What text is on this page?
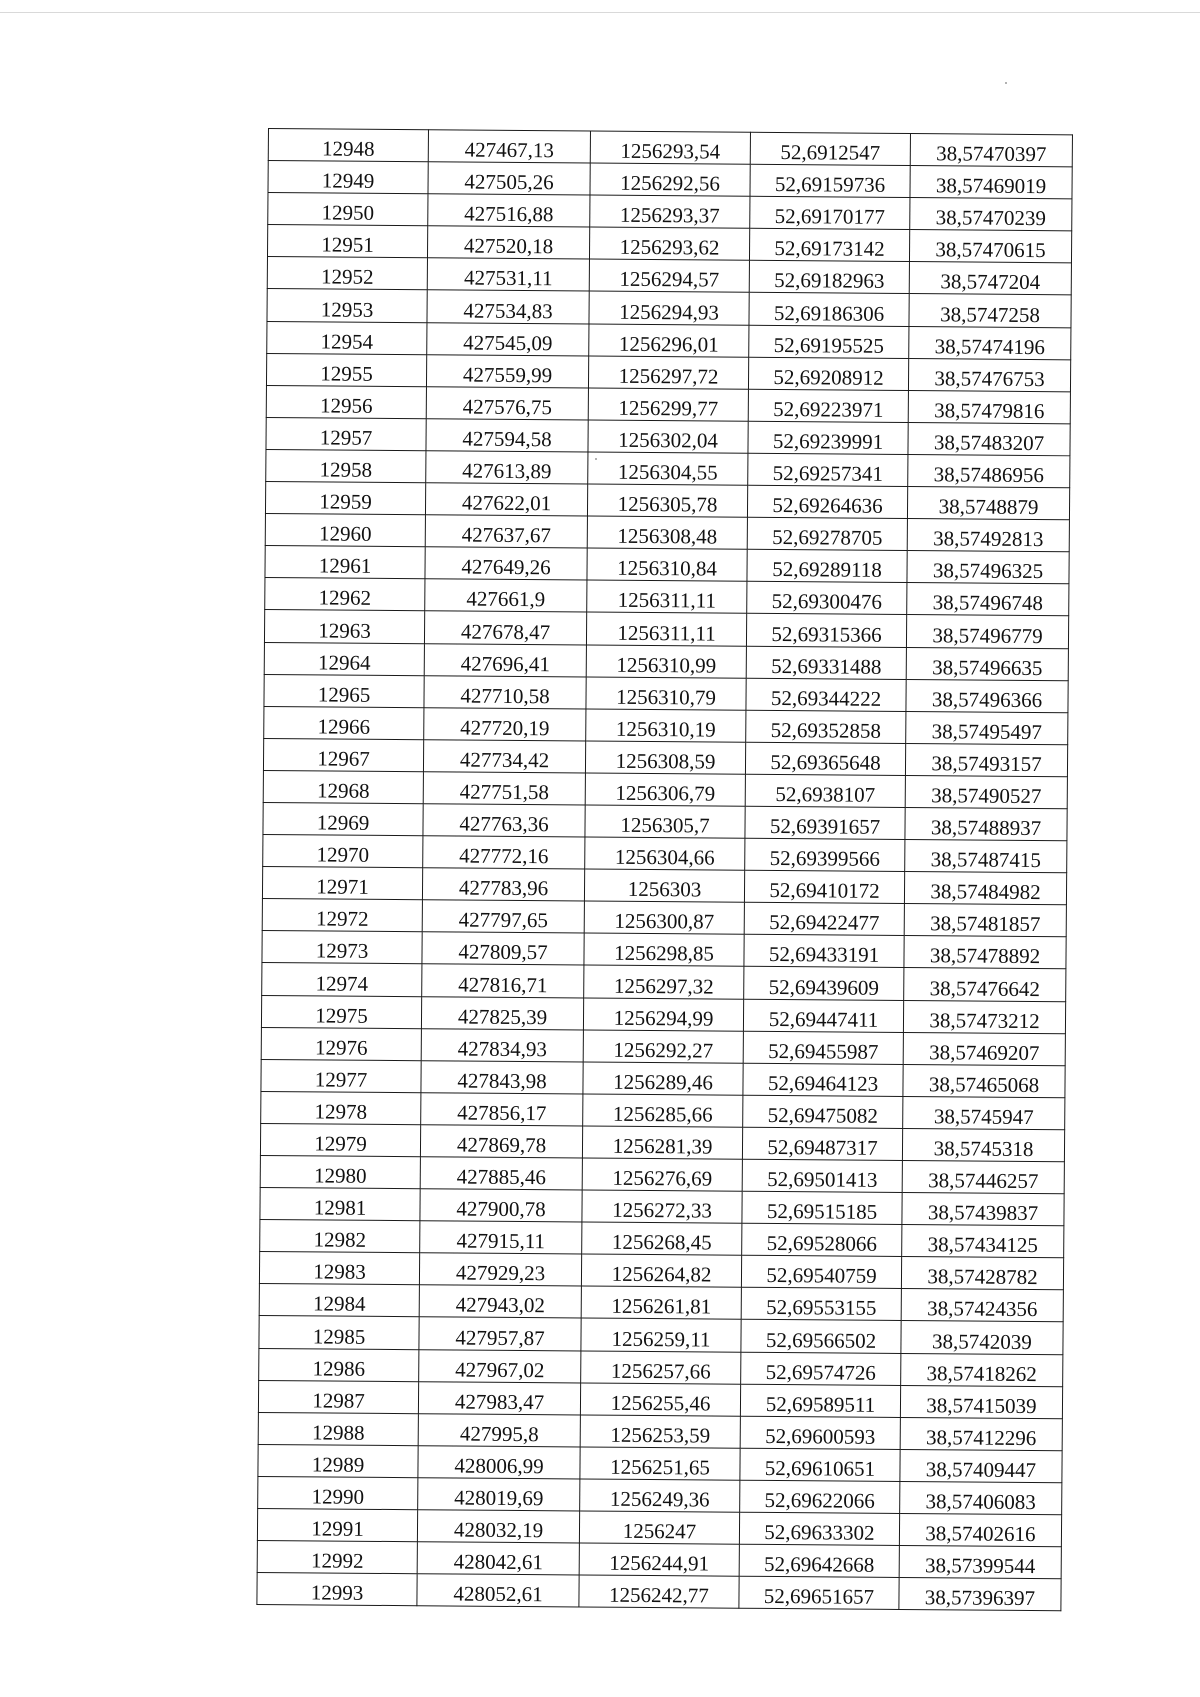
12948	427467,13	1256293,54	52,6912547	38,57470397
12949	427505,26	1256292,56	52,69159736	38,57469019
12950	427516,88	1256293,37	52,69170177	38,57470239
12951	427520,18	1256293,62	52,69173142	38,57470615
12952	427531,11	1256294,57	52,69182963	38,5747204
12953	427534,83	1256294,93	52,69186306	38,5747258
12954	427545,09	1256296,01	52,69195525	38,57474196
12955	427559,99	1256297,72	52,69208912	38,57476753
12956	427576,75	1256299,77	52,69223971	38,57479816
12957	427594,58	1256302,04	52,69239991	38,57483207
12958	427613,89	1256304,55	52,69257341	38,57486956
12959	427622,01	1256305,78	52,69264636	38,5748879
12960	427637,67	1256308,48	52,69278705	38,57492813
12961	427649,26	1256310,84	52,69289118	38,57496325
12962	427661,9	1256311,11	52,69300476	38,57496748
12963	427678,47	1256311,11	52,69315366	38,57496779
12964	427696,41	1256310,99	52,69331488	38,57496635
12965	427710,58	1256310,79	52,69344222	38,57496366
12966	427720,19	1256310,19	52,69352858	38,57495497
12967	427734,42	1256308,59	52,69365648	38,57493157
12968	427751,58	1256306,79	52,6938107	38,57490527
12969	427763,36	1256305,7	52,69391657	38,57488937
12970	427772,16	1256304,66	52,69399566	38,57487415
12971	427783,96	1256303	52,69410172	38,57484982
12972	427797,65	1256300,87	52,69422477	38,57481857
12973	427809,57	1256298,85	52,69433191	38,57478892
12974	427816,71	1256297,32	52,69439609	38,57476642
12975	427825,39	1256294,99	52,69447411	38,57473212
12976	427834,93	1256292,27	52,69455987	38,57469207
12977	427843,98	1256289,46	52,69464123	38,57465068
12978	427856,17	1256285,66	52,69475082	38,5745947
12979	427869,78	1256281,39	52,69487317	38,5745318
12980	427885,46	1256276,69	52,69501413	38,57446257
12981	427900,78	1256272,33	52,69515185	38,57439837
12982	427915,11	1256268,45	52,69528066	38,57434125
12983	427929,23	1256264,82	52,69540759	38,57428782
12984	427943,02	1256261,81	52,69553155	38,57424356
12985	427957,87	1256259,11	52,69566502	38,5742039
12986	427967,02	1256257,66	52,69574726	38,57418262
12987	427983,47	1256255,46	52,69589511	38,57415039
12988	427995,8	1256253,59	52,69600593	38,57412296
12989	428006,99	1256251,65	52,69610651	38,57409447
12990	428019,69	1256249,36	52,69622066	38,57406083
12991	428032,19	1256247	52,69633302	38,57402616
12992	428042,61	1256244,91	52,69642668	38,57399544
12993	428052,61	1256242,77	52,69651657	38,57396397
